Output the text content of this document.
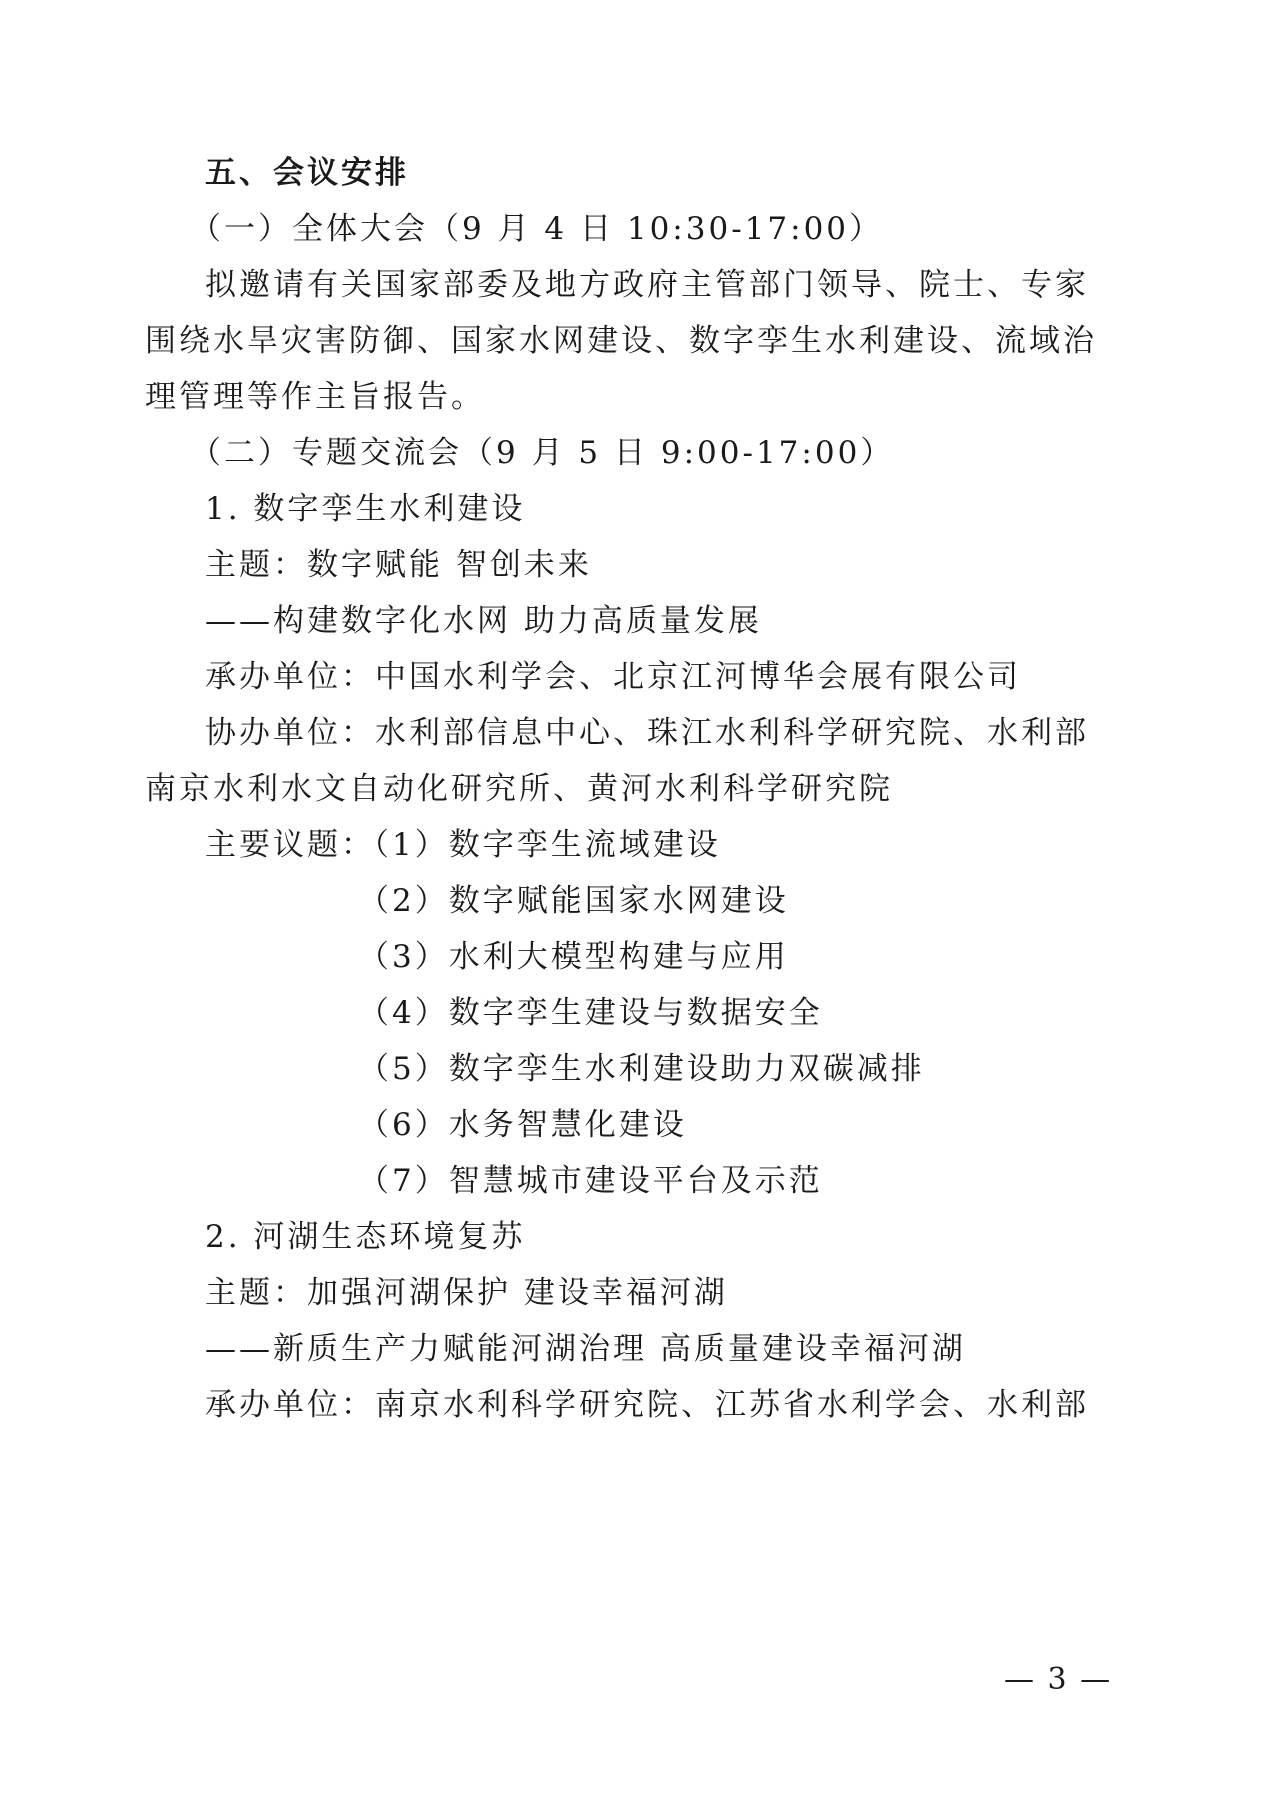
五、会议安排
（一）全体大会（9 月 4 日 10:30-17:00）
拟邀请有关国家部委及地方政府主管部门领导、院士、专家
围绕水旱灾害防御、国家水网建设、数字孪生水利建设、流域治
理管理等作主旨报告。
（二）专题交流会（9 月 5 日 9:00-17:00）
1. 数字孪生水利建设
主题：数字赋能 智创未来
——构建数字化水网 助力高质量发展
承办单位：中国水利学会、北京江河博华会展有限公司
协办单位：水利部信息中心、珠江水利科学研究院、水利部
南京水利水文自动化研究所、黄河水利科学研究院
主要议题：
（1）数字孪生流域建设
（2）数字赋能国家水网建设
（3）水利大模型构建与应用
（4）数字孪生建设与数据安全
（5）数字孪生水利建设助力双碳减排
（6）水务智慧化建设
（7）智慧城市建设平台及示范
2. 河湖生态环境复苏
主题：加强河湖保护 建设幸福河湖
——新质生产力赋能河湖治理 高质量建设幸福河湖
承办单位：南京水利科学研究院、江苏省水利学会、水利部
— 3 —
